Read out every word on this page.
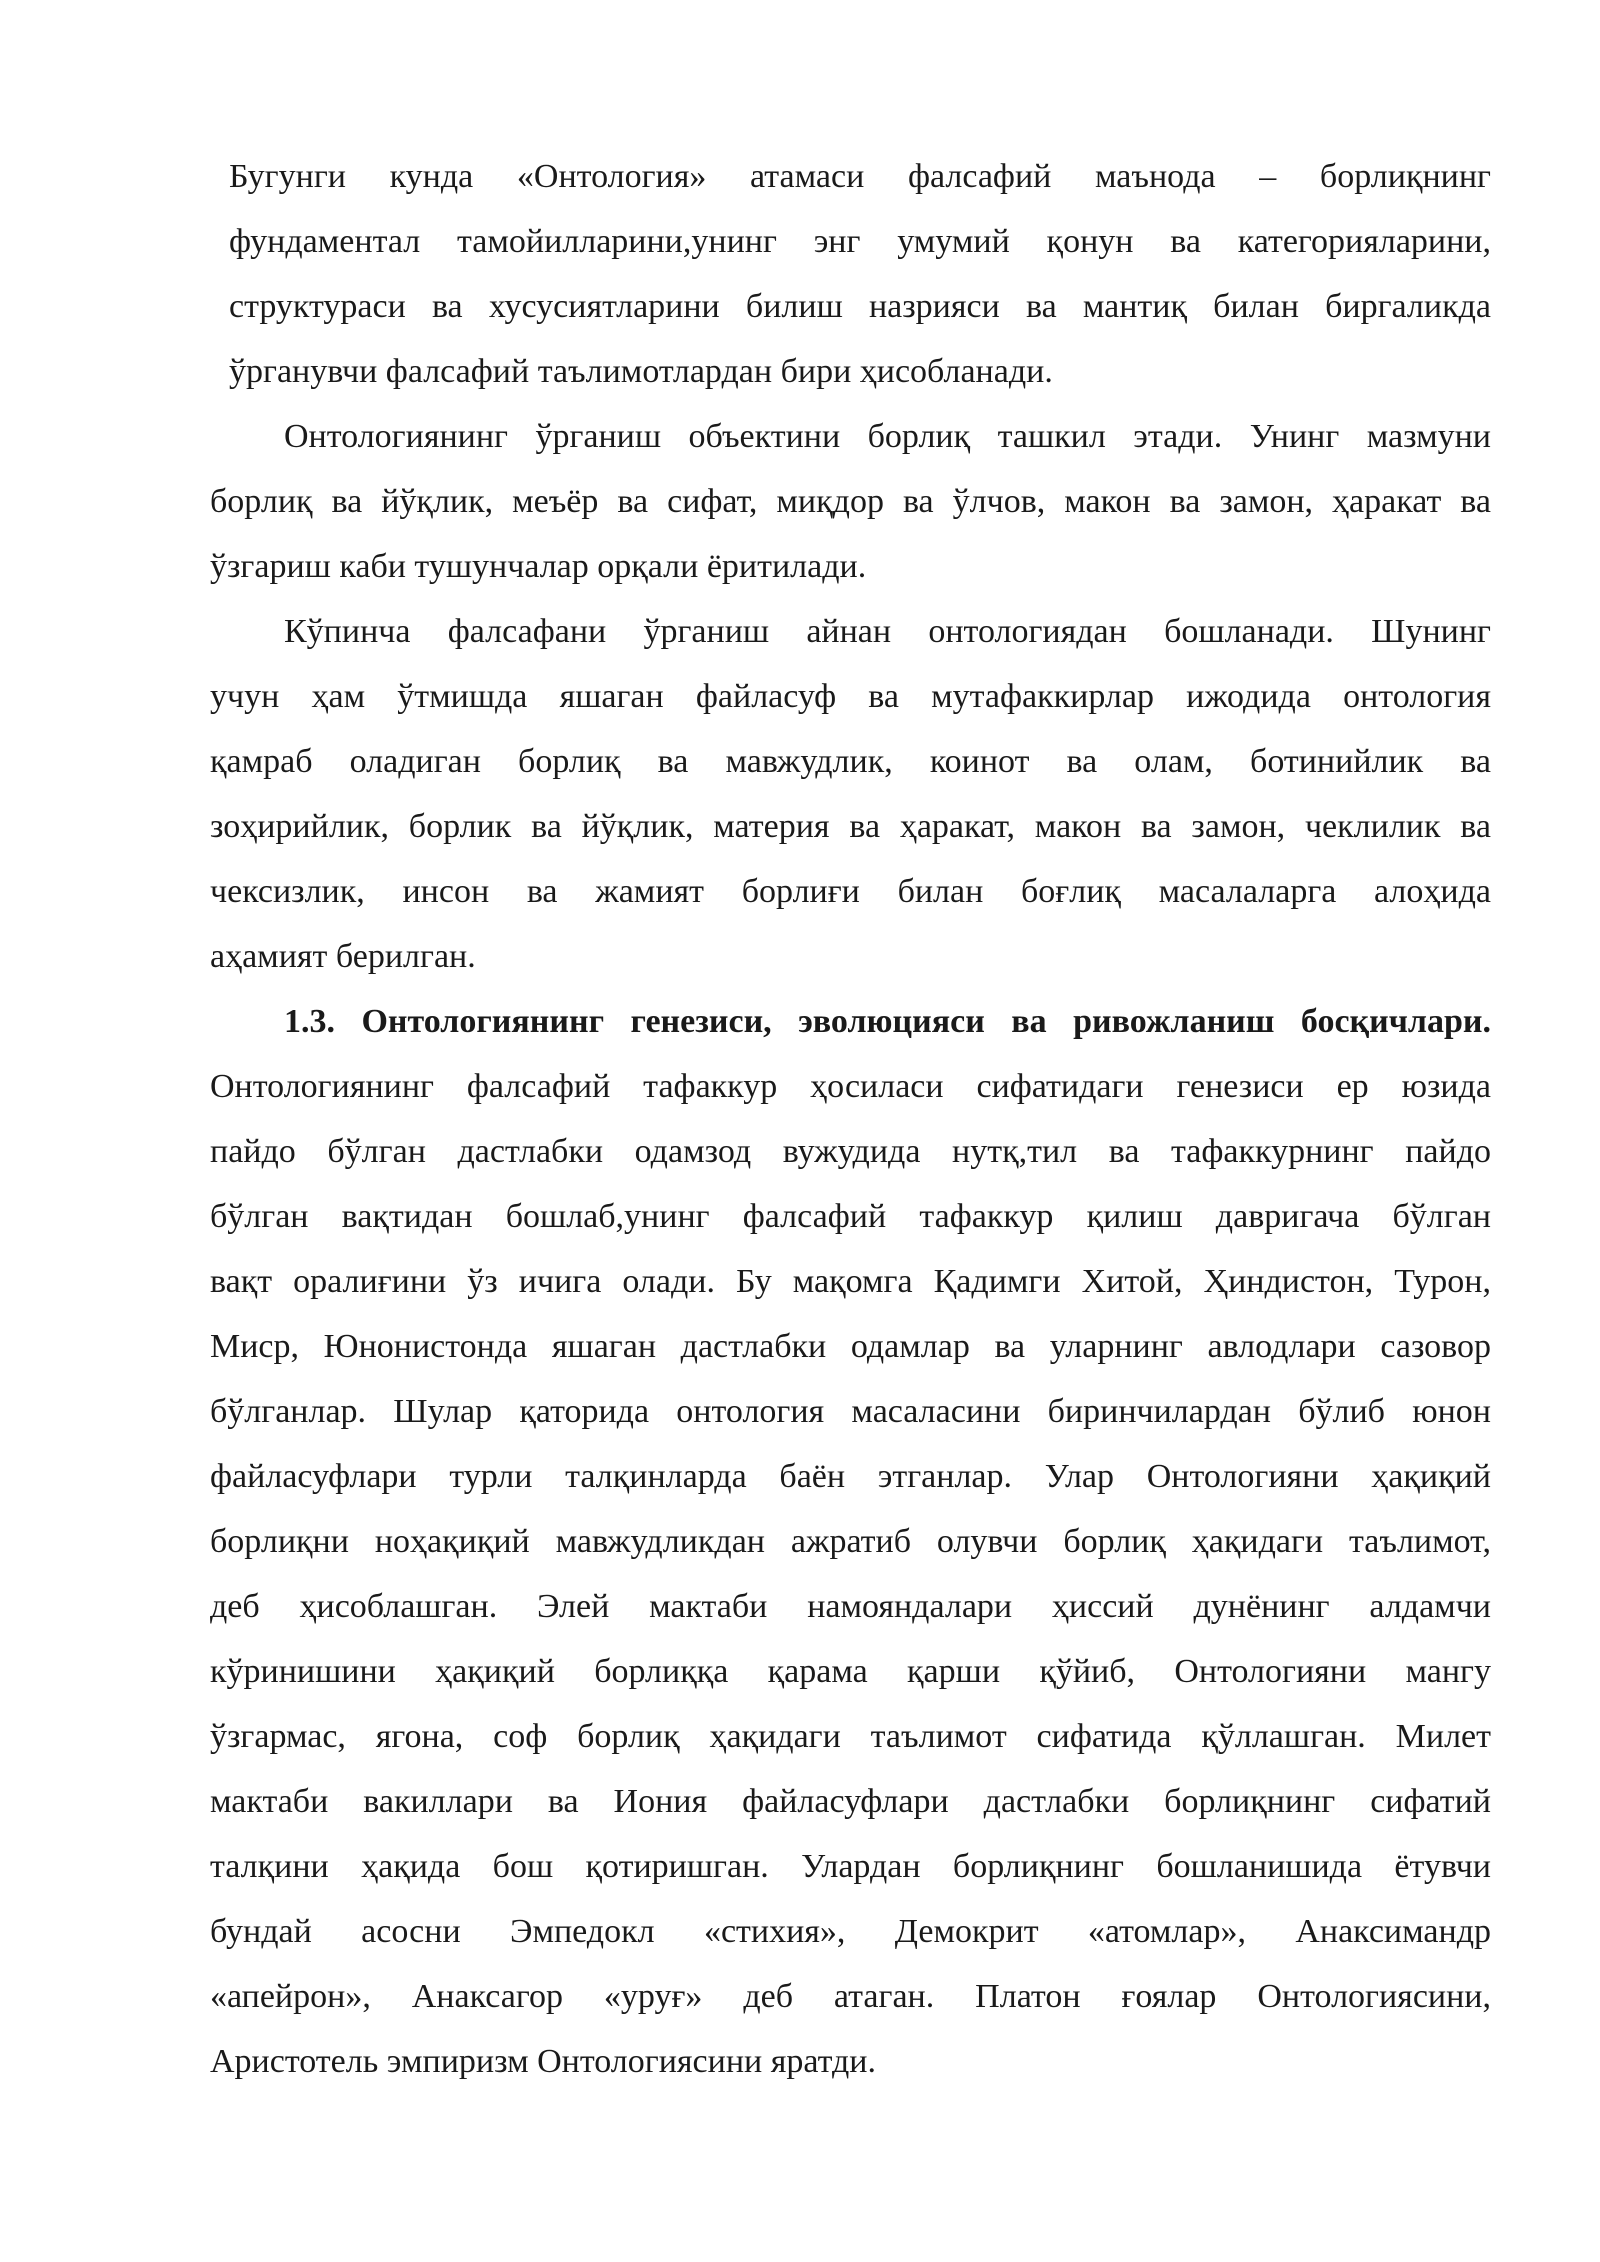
Бугунги кунда «Онтология» атамаси фалсафий маънода – борлиқнинг

фундаментал тамойилларини,унинг энг умумий қонун ва категорияларини,

структураси ва хусусиятларини билиш назрияси ва мантиқ билан биргаликда

ўрганувчи фалсафий таълимотлардан бири ҳисобланади.

Онтологиянинг ўрганиш объектини борлиқ ташкил этади. Унинг мазмуни

борлиқ ва йўқлик, меъёр ва сифат, миқдор ва ўлчов, макон ва замон, ҳаракат ва

ўзгариш каби тушунчалар орқали ёритилади.

Кўпинча фалсафани ўрганиш айнан онтологиядан бошланади. Шунинг

учун ҳам ўтмишда яшаган файласуф ва мутафаккирлар ижодида онтология

қамраб оладиган борлиқ ва мавжудлик, коинот ва олам, ботинийлик ва

зоҳирийлик, борлик ва йўқлик, материя ва ҳаракат, макон ва замон, чеклилик ва

чексизлик, инсон ва жамият борлиғи билан боғлиқ масалаларга алоҳида

аҳамият берилган.

1.3. Онтологиянинг генезиси, эволюцияси ва ривожланиш босқичлари.

Онтологиянинг фалсафий тафаккур ҳосиласи сифатидаги генезиси ер юзида

пайдо бўлган дастлабки одамзод вужудида нутқ,тил ва тафаккурнинг пайдо

бўлган вақтидан бошлаб,унинг фалсафий тафаккур қилиш давригача бўлган

вақт оралиғини ўз ичига олади. Бу мақомга Қадимги Хитой, Ҳиндистон, Турон,

Миср, Юнонистонда яшаган дастлабки одамлар ва уларнинг авлодлари сазовор

бўлганлар. Шулар қаторида онтология масаласини биринчилардан бўлиб юнон

файласуфлари турли талқинларда баён этганлар. Улар Онтологияни ҳақиқий

борлиқни ноҳақиқий мавжудликдан ажратиб олувчи борлиқ ҳақидаги таълимот,

деб ҳисоблашган. Элей мактаби намояндалари ҳиссий дунёнинг алдамчи

кўринишини ҳақиқий борлиққа қарама қарши қўйиб, Онтологияни мангу

ўзгармас, ягона, соф борлиқ ҳақидаги таълимот сифатида қўллашган. Милет

мактаби вакиллари ва Иония файласуфлари дастлабки борлиқнинг сифатий

талқини ҳақида бош қотиришган. Улардан борлиқнинг бошланишида ётувчи

бундай асосни Эмпедокл «стихия», Демокрит «атомлар», Анаксимандр

«апейрон», Анаксагор «уруғ» деб атаган. Платон ғоялар Онтологиясини,

Аристотель эмпиризм Онтологиясини яратди.
